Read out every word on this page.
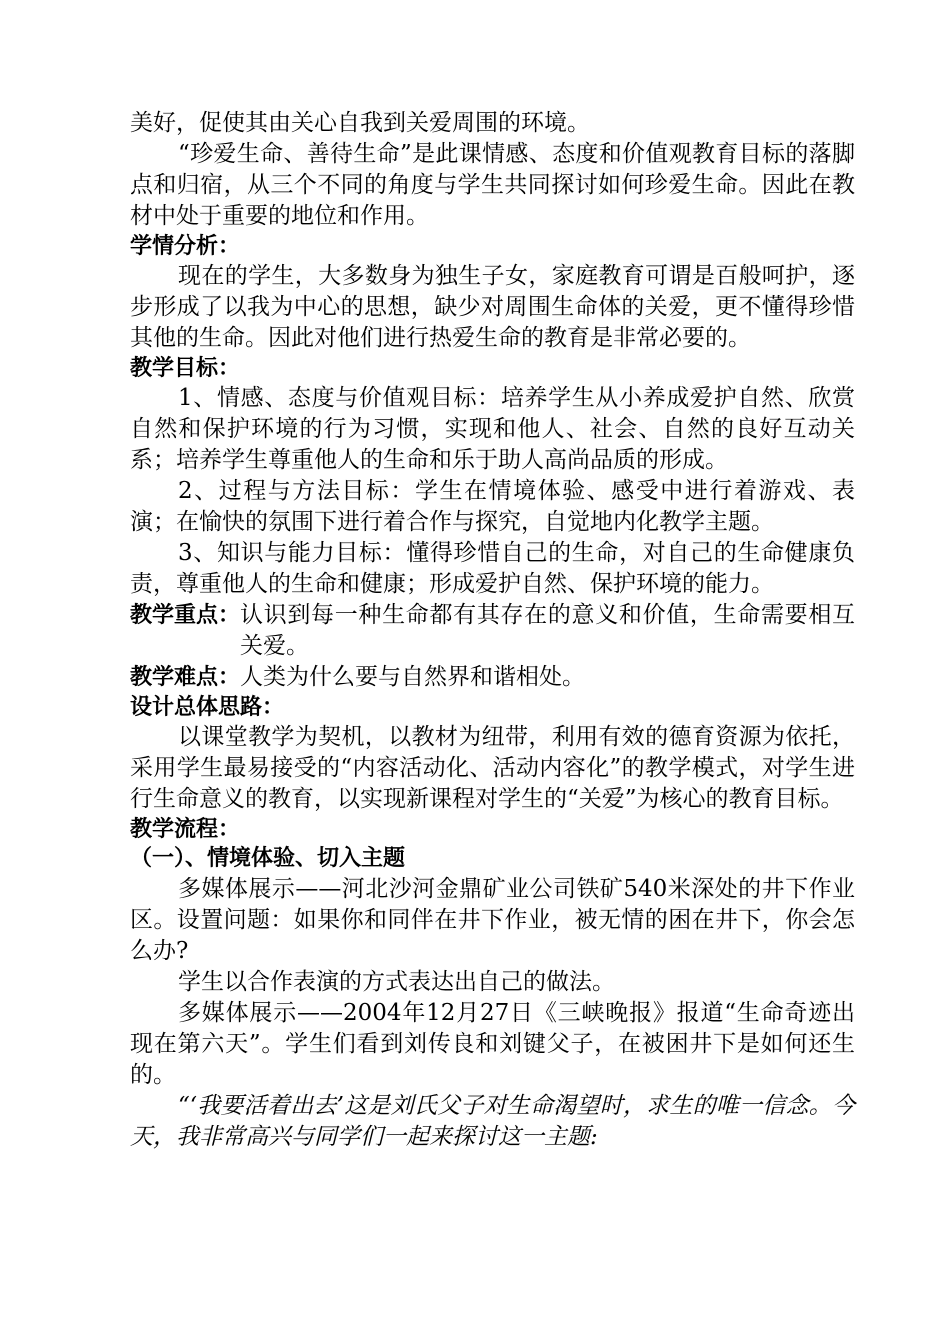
美好，促使其由关心自我到关爱周围的环境。

“珍爱生命、善待生命”是此课情感、态度和价值观教育目标的落脚点和归宿，从三个不同的角度与学生共同探讨如何珍爱生命。因此在教材中处于重要的地位和作用。

学情分析：

现在的学生，大多数身为独生子女，家庭教育可谓是百般呵护，逐步形成了以我为中心的思想，缺少对周围生命体的关爱，更不懂得珍惜其他的生命。因此对他们进行热爱生命的教育是非常必要的。

教学目标：

1、情感、态度与价值观目标：培养学生从小养成爱护自然、欣赏自然和保护环境的行为习惯，实现和他人、社会、自然的良好互动关系；培养学生尊重他人的生命和乐于助人高尚品质的形成。

2、过程与方法目标：学生在情境体验、感受中进行着游戏、表演；在愉快的氛围下进行着合作与探究，自觉地内化教学主题。

3、知识与能力目标：懂得珍惜自己的生命，对自己的生命健康负责，尊重他人的生命和健康；形成爱护自然、保护环境的能力。

教学重点： 认识到每一种生命都有其存在的意义和价值，生命需要相互关爱。
教学难点： 人类为什么要与自然界和谐相处。

设计总体思路：

以课堂教学为契机，以教材为纽带，利用有效的德育资源为依托，采用学生最易接受的“内容活动化、活动内容化”的教学模式，对学生进行生命意义的教育，以实现新课程对学生的“关爱”为核心的教育目标。

教学流程：

（一）、情境体验、切入主题

多媒体展示——河北沙河金鼎矿业公司铁矿540米深处的井下作业区。设置问题：如果你和同伴在井下作业，被无情的困在井下，你会怎么办?

学生以合作表演的方式表达出自己的做法。

多媒体展示——2004年12月27日《三峡晚报》报道“生命奇迹出现在第六天”。学生们看到刘传良和刘键父子，在被困井下是如何还生的。

“‘我要活着出去’这是刘氏父子对生命渴望时，求生的唯一信念。今天，我非常高兴与同学们一起来探讨这一主题:
